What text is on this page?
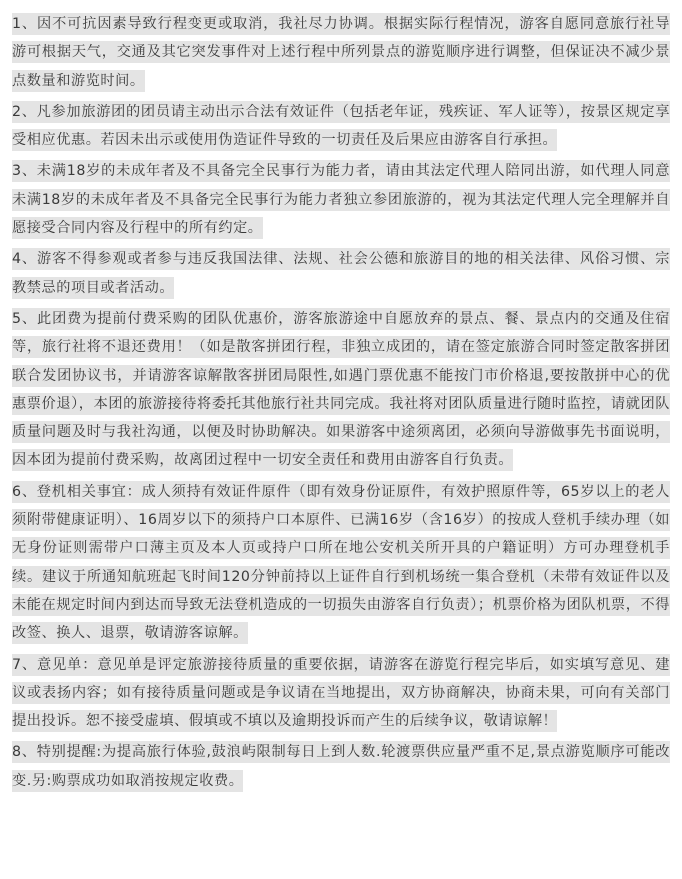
1、因不可抗因素导致行程变更或取消，我社尽力协调。根据实际行程情况，游客自愿同意旅行社导游可根据天气，交通及其它突发事件对上述行程中所列景点的游览顺序进行调整，但保证决不减少景点数量和游览时间。

2、凡参加旅游团的团员请主动出示合法有效证件（包括老年证，残疾证、军人证等），按景区规定享受相应优惠。若因未出示或使用伪造证件导致的一切责任及后果应由游客自行承担。

3、未满18岁的未成年者及不具备完全民事行为能力者，请由其法定代理人陪同出游，如代理人同意未满18岁的未成年者及不具备完全民事行为能力者独立参团旅游的，视为其法定代理人完全理解并自愿接受合同内容及行程中的所有约定。

4、游客不得参观或者参与违反我国法律、法规、社会公德和旅游目的地的相关法律、风俗习惯、宗教禁忌的项目或者活动。

5、此团费为提前付费采购的团队优惠价，游客旅游途中自愿放弃的景点、餐、景点内的交通及住宿等，旅行社将不退还费用！（如是散客拼团行程，非独立成团的，请在签定旅游合同时签定散客拼团联合发团协议书，并请游客谅解散客拼团局限性,如遇门票优惠不能按门市价格退,要按散拼中心的优惠票价退），本团的旅游接待将委托其他旅行社共同完成。我社将对团队质量进行随时监控，请就团队质量问题及时与我社沟通，以便及时协助解决。如果游客中途须离团，必须向导游做事先书面说明，因本团为提前付费采购，故离团过程中一切安全责任和费用由游客自行负责。

6、登机相关事宜：成人须持有效证件原件（即有效身份证原件，有效护照原件等，65岁以上的老人须附带健康证明）、16周岁以下的须持户口本原件、已满16岁（含16岁）的按成人登机手续办理（如无身份证则需带户口薄主页及本人页或持户口所在地公安机关所开具的户籍证明）方可办理登机手续。建议于所通知航班起飞时间120分钟前持以上证件自行到机场统一集合登机（未带有效证件以及未能在规定时间内到达而导致无法登机造成的一切损失由游客自行负责）；机票价格为团队机票，不得改签、换人、退票，敬请游客谅解。

7、意见单：意见单是评定旅游接待质量的重要依据，请游客在游览行程完毕后，如实填写意见、建议或表扬内容；如有接待质量问题或是争议请在当地提出，双方协商解决，协商未果，可向有关部门提出投诉。恕不接受虚填、假填或不填以及逾期投诉而产生的后续争议，敬请谅解！

8、特别提醒:为提高旅行体验,鼓浪屿限制每日上到人数.轮渡票供应量严重不足,景点游览顺序可能改变.另:购票成功如取消按规定收费。
